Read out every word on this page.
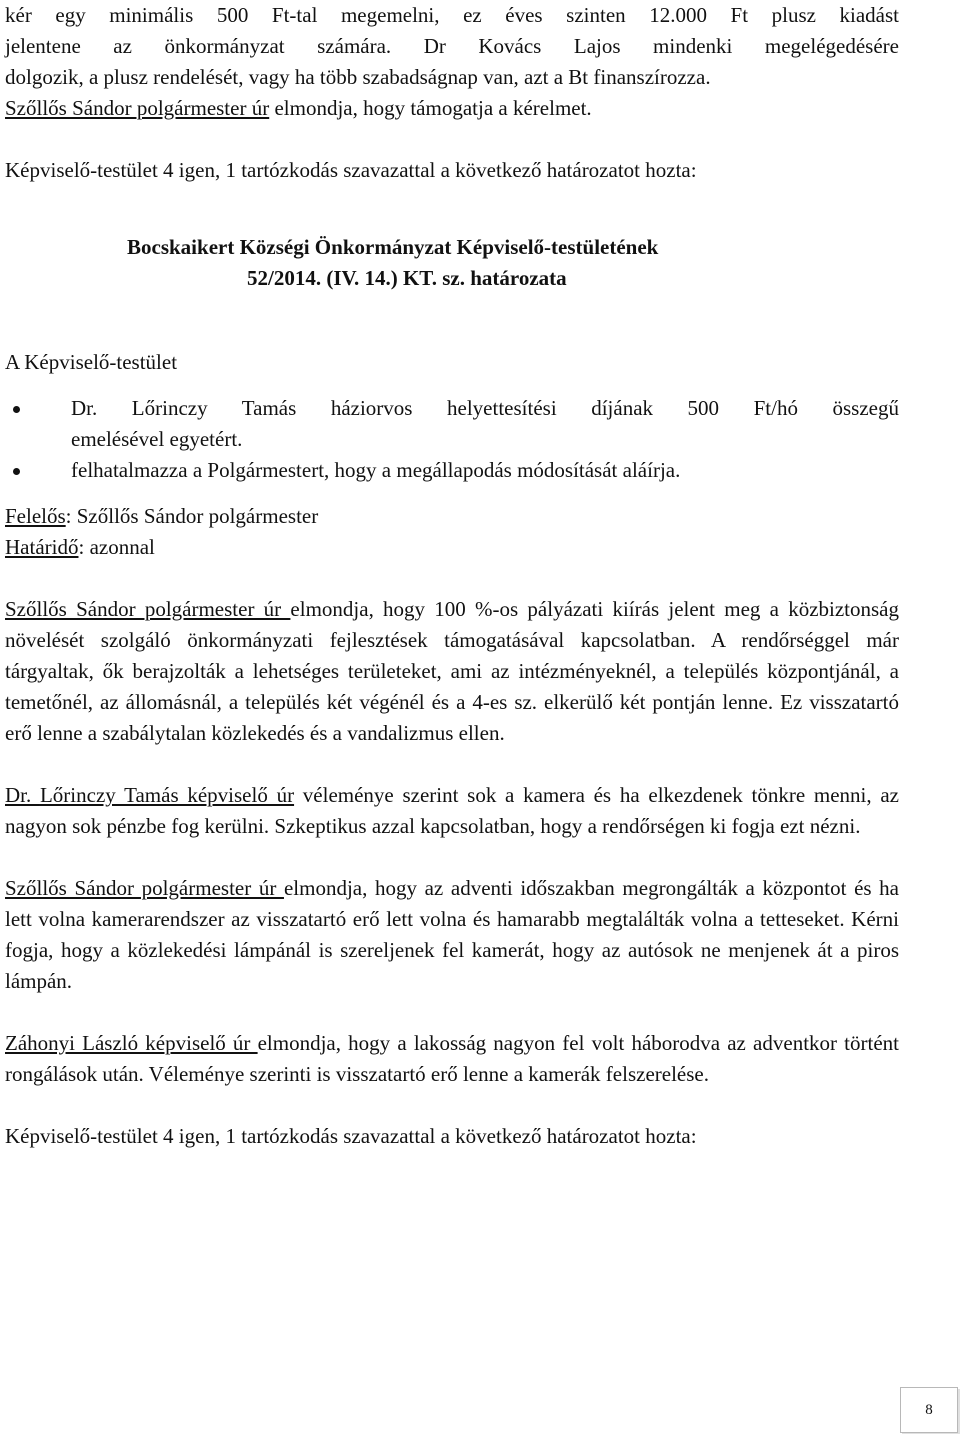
kér egy minimális 500 Ft-tal megemelni, ez éves szinten 12.000 Ft plusz kiadást

jelentene az önkormányzat számára. Dr Kovács Lajos mindenki megelégedésére

dolgozik, a plusz rendelését, vagy ha több szabadságnap van, azt a Bt finanszírozza.

Szőllős Sándor polgármester úr elmondja, hogy támogatja a kérelmet.

Képviselő-testület 4 igen, 1 tartózkodás szavazattal a következő határozatot hozta:

Bocskaikert Községi Önkormányzat Képviselő-testületének
52/2014. (IV. 14.) KT. sz. határozata

A Képviselő-testület

Dr. Lőrinczy Tamás háziorvos helyettesítési díjának 500 Ft/hó összegű
emelésével egyetért.
felhatalmazza a Polgármestert, hogy a megállapodás módosítását aláírja.

Felelős: Szőllős Sándor polgármester

Határidő: azonnal

Szőllős Sándor polgármester úr elmondja, hogy 100 %-os pályázati kiírás jelent meg a közbiztonság növelését szolgáló önkormányzati fejlesztések támogatásával kapcsolatban. A rendőrséggel már tárgyaltak, ők berajzolták a lehetséges területeket, ami az intézményeknél, a település központjánál, a temetőnél, az állomásnál, a település két végénél és a 4-es sz. elkerülő két pontján lenne. Ez visszatartó erő lenne a szabálytalan közlekedés és a vandalizmus ellen.

Dr. Lőrinczy Tamás képviselő úr véleménye szerint sok a kamera és ha elkezdenek tönkre menni, az nagyon sok pénzbe fog kerülni. Szkeptikus azzal kapcsolatban, hogy a rendőrségen ki fogja ezt nézni.

Szőllős Sándor polgármester úr elmondja, hogy az adventi időszakban megrongálták a központot és ha lett volna kamerarendszer az visszatartó erő lett volna és hamarabb megtalálták volna a tetteseket. Kérni fogja, hogy a közlekedési lámpánál is szereljenek fel kamerát, hogy az autósok ne menjenek át a piros lámpán.

Záhonyi László képviselő úr elmondja, hogy a lakosság nagyon fel volt háborodva az adventkor történt rongálások után. Véleménye szerinti is visszatartó erő lenne a kamerák felszerelése.

Képviselő-testület 4 igen, 1 tartózkodás szavazattal a következő határozatot hozta:

8
